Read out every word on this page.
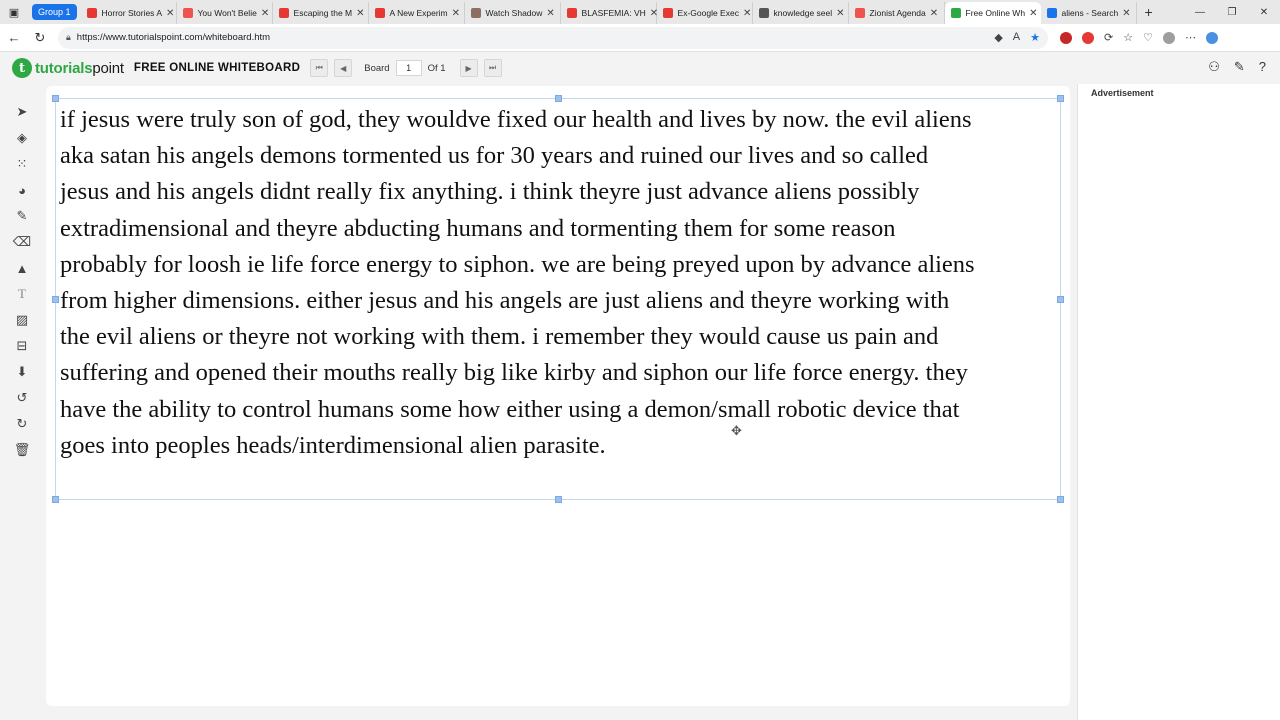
▣	Group 1	Horror Stories A ✕	You Won't Belie ✕	Escaping the M ✕	A New Experim ✕	Watch Shadow ✕	BLASFEMIA: VH ✕ Ex-Google Exec ✕	knowledge seel ✕	Zionist Agenda ✕	Free Online Wh ✕	aliens - Search ✕ +	—	❐	✕
←	↻	🔒︎ https://www.tutorialspoint.com/whiteboard.htm	◆ A ★	⟳ ☆ ♡	⋯
t tutorialspoint FREE ONLINE WHITEBOARD	⏮	◀	Board	1	Of 1	▶	⏭	⚇ ✎ ?
➤
◈
⁙
◕
✎
⌫
▲
T
▨
⊟
⬇
↺
↻
🗑︎
if jesus were truly son of god, they wouldve fixed our health and lives by now. the evil aliens
aka satan his angels demons tormented us for 30 years and ruined our lives and so called
jesus and his angels didnt really fix anything. i think theyre just advance aliens possibly
extradimensional and theyre abducting humans and tormenting them for some reason
probably for loosh ie life force energy to siphon. we are being preyed upon by advance aliens
from higher dimensions. either jesus and his angels are just aliens and theyre working with
the evil aliens or theyre not working with them. i remember they would cause us pain and
suffering and opened their mouths really big like kirby and siphon our life force energy. they
have the ability to control humans some how either using a demon/small robotic device that
goes into peoples heads/interdimensional alien parasite.
✥
Advertisement
